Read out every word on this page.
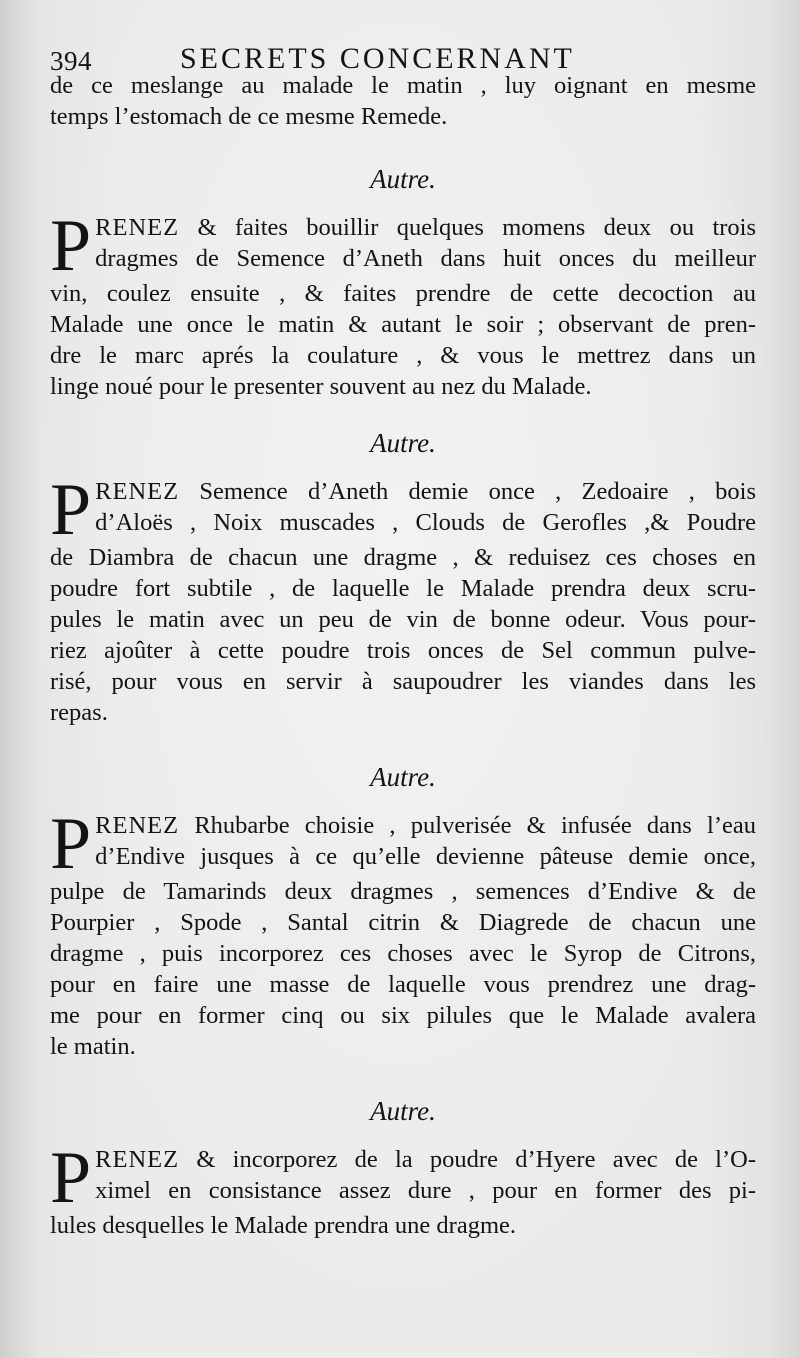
394	SECRETS CONCERNANT
de ce meslange au malade le matin , luy oignant en mesme
temps l’estomach de ce mesme Remede.
Autre.
P RENEZ & faites bouillir quelques momens deux ou trois
dragmes de Semence d’Aneth dans huit onces du meilleur
vin, coulez ensuite , & faites prendre de cette decoction au
Malade une once le matin & autant le soir ; observant de pren-
dre le marc aprés la coulature , & vous le mettrez dans un
linge noué pour le presenter souvent au nez du Malade.
Autre.
P RENEZ Semence d’Aneth demie once , Zedoaire , bois
d’Aloës , Noix muscades , Clouds de Gerofles ,& Poudre
de Diambra de chacun une dragme , & reduisez ces choses en
poudre fort subtile , de laquelle le Malade prendra deux scru-
pules le matin avec un peu de vin de bonne odeur. Vous pour-
riez ajoûter à cette poudre trois onces de Sel commun pulve-
risé, pour vous en servir à saupoudrer les viandes dans les
repas.
Autre.
P RENEZ Rhubarbe choisie , pulverisée & infusée dans l’eau
d’Endive jusques à ce qu’elle devienne pâteuse demie once,
pulpe de Tamarinds deux dragmes , semences d’Endive & de
Pourpier , Spode , Santal citrin & Diagrede de chacun une
dragme , puis incorporez ces choses avec le Syrop de Citrons,
pour en faire une masse de laquelle vous prendrez une drag-
me pour en former cinq ou six pilules que le Malade avalera
le matin.
Autre.
P RENEZ & incorporez de la poudre d’Hyere avec de l’O-
ximel en consistance assez dure , pour en former des pi-
lules desquelles le Malade prendra une dragme.
